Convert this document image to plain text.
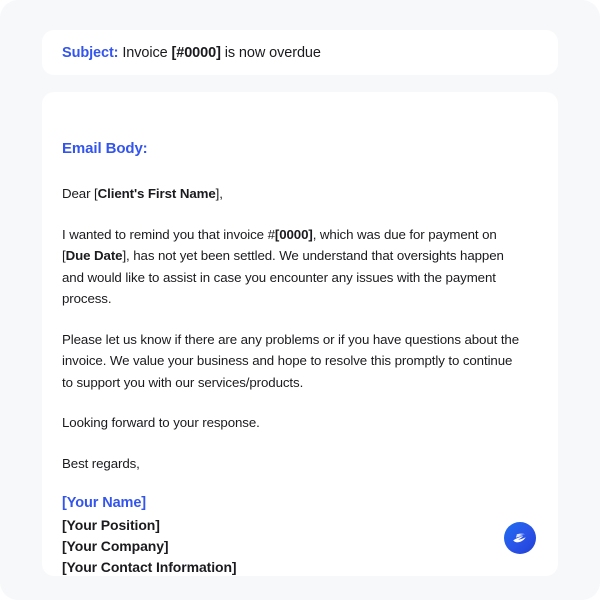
Subject: Invoice [#0000] is now overdue
Email Body:

Dear [Client's First Name],

I wanted to remind you that invoice #[0000], which was due for payment on [Due Date], has not yet been settled. We understand that oversights happen and would like to assist in case you encounter any issues with the payment process.

Please let us know if there are any problems or if you have questions about the invoice. We value your business and hope to resolve this promptly to continue to support you with our services/products.

Looking forward to your response.

Best regards,

[Your Name]
[Your Position]
[Your Company]
[Your Contact Information]
